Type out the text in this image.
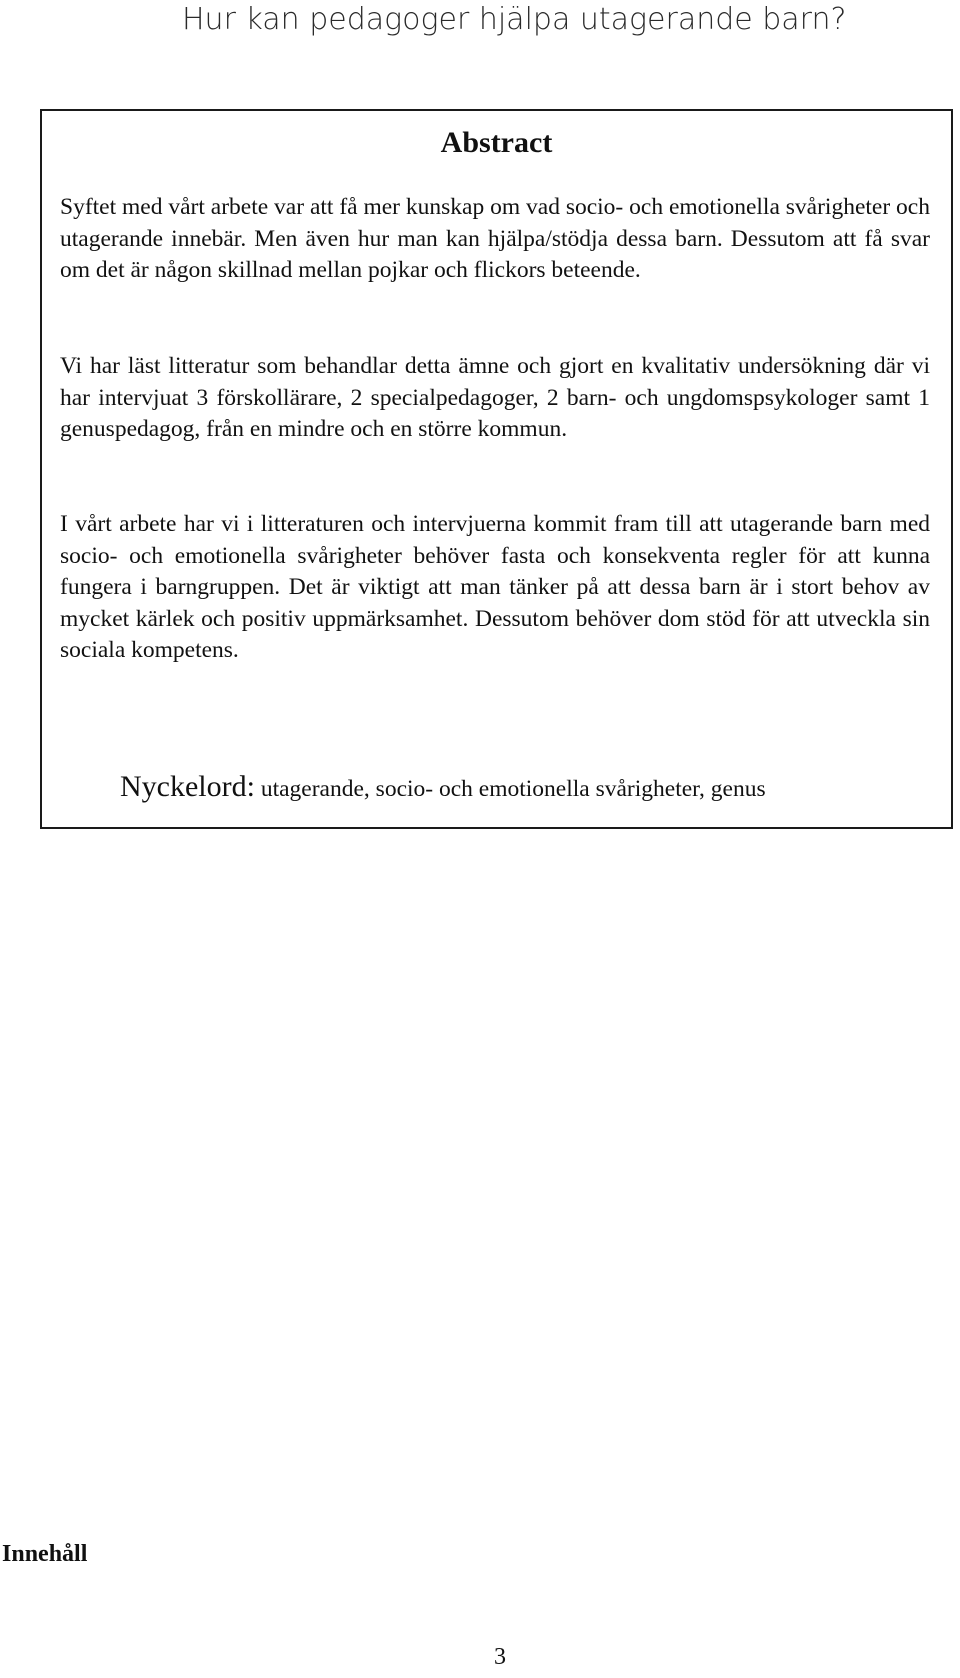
Hur kan pedagoger hjälpa utagerande barn?
Abstract

Syftet med vårt arbete var att få mer kunskap om vad socio- och emotionella svårigheter och utagerande innebär. Men även hur man kan hjälpa/stödja dessa barn. Dessutom att få svar om det är någon skillnad mellan pojkar och flickors beteende.

Vi har läst litteratur som behandlar detta ämne och gjort en kvalitativ undersökning där vi har intervjuat 3 förskollärare, 2 specialpedagoger, 2 barn- och ungdomspsykologer samt 1 genuspedagog, från en mindre och en större kommun.

I vårt arbete har vi i litteraturen och intervjuerna kommit fram till att utagerande barn med socio- och emotionella svårigheter behöver fasta och konsekventa regler för att kunna fungera i barngruppen. Det är viktigt att man tänker på att dessa barn är i stort behov av mycket kärlek och positiv uppmärksamhet. Dessutom behöver dom stöd för att utveckla sin sociala kompetens.

Nyckelord: utagerande, socio- och emotionella svårigheter, genus
Innehåll
3
